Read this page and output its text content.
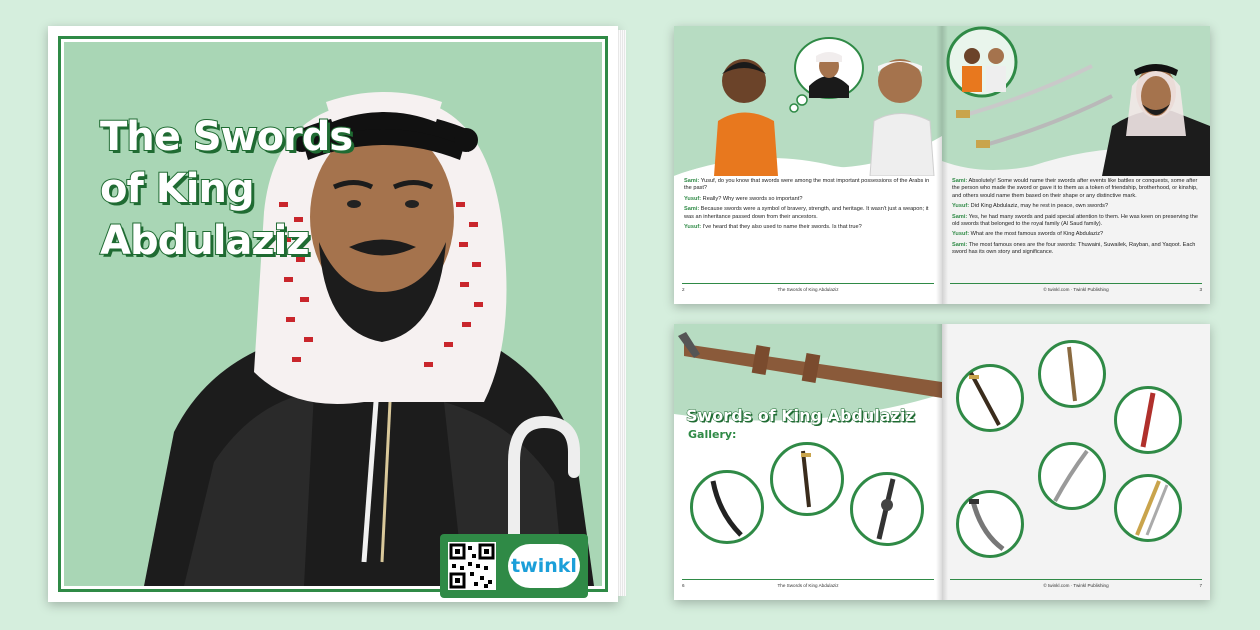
The Swords
of King
Abdulaziz
twinkl

Sami: Yusuf, do you know that swords were among the most important possessions of the Arabs in the past?

Yusuf: Really? Why were swords so important?

Sami: Because swords were a symbol of bravery, strength, and heritage. It wasn't just a weapon; it was an inheritance passed down from their ancestors.

Yusuf: I've heard that they also used to name their swords. Is that true?

2	The Swords of King Abdulaziz

Sami: Absolutely! Some would name their swords after events like battles or conquests, some after the person who made the sword or gave it to them as a token of friendship, brotherhood, or kinship, and others would name them based on their shape or any distinctive mark.

Yusuf: Did King Abdulaziz, may he rest in peace, own swords?

Sami: Yes, he had many swords and paid special attention to them. He was keen on preserving the old swords that belonged to the royal family (Al Saud family).

Yusuf: What are the most famous swords of King Abdulaziz?

Sami: The most famous ones are the four swords: Thuwaini, Suwailek, Rayban, and Yaqoot. Each sword has its own story and significance.

© twinkl.com · Twinkl Publishing	3
Swords of King Abdulaziz
Gallery:
6	The Swords of King Abdulaziz	© twinkl.com · Twinkl Publishing	7
